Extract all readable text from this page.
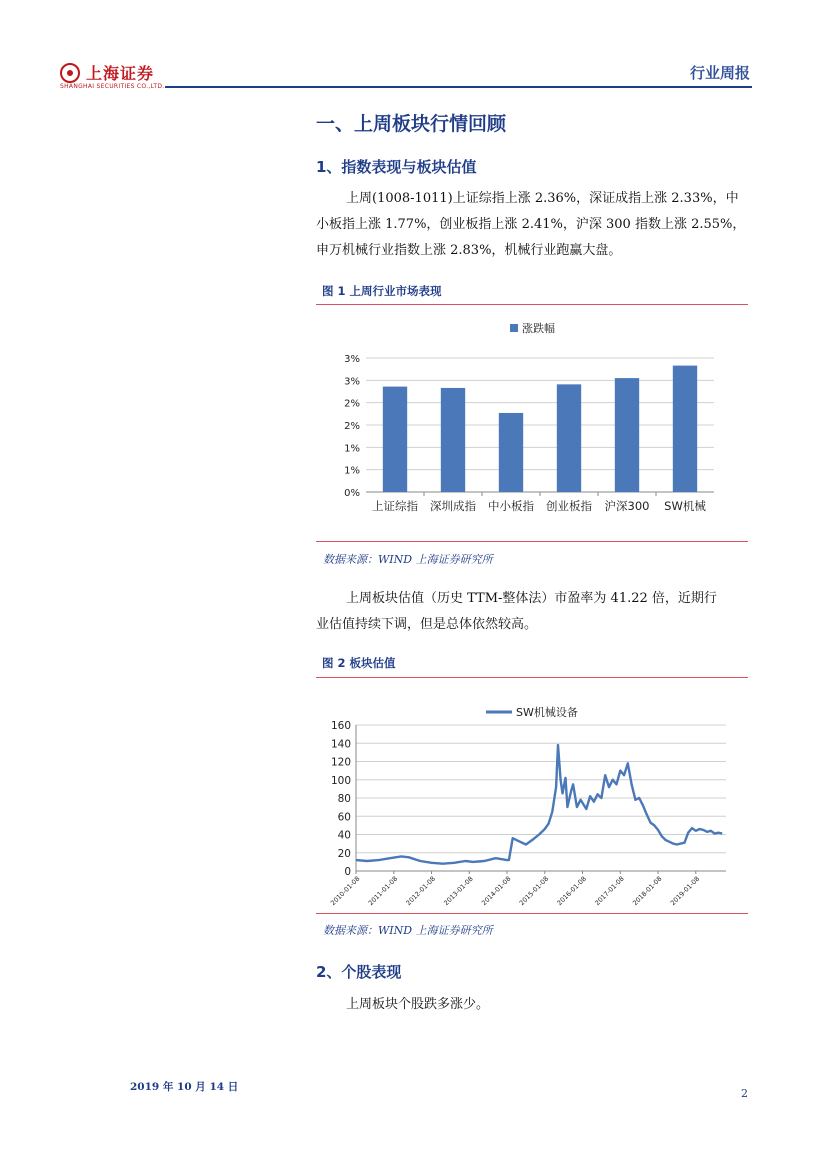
上海证券
SHANGHAI SECURITIES CO.,LTD.
行业周报
一、上周板块行情回顾
1、指数表现与板块估值
上周(1008-1011)上证综指上涨 2.36%，深证成指上涨 2.33%，中
小板指上涨 1.77%，创业板指上涨 2.41%，沪深 300 指数上涨 2.55%，
申万机械行业指数上涨 2.83%，机械行业跑赢大盘。
图 1 上周行业市场表现
涨跌幅
0%
1%
1%
2%
2%
3%
3%
上证综指 深圳成指 中小板指 创业板指 沪深300 SW机械
数据来源：WIND 上海证券研究所
上周板块估值（历史 TTM-整体法）市盈率为 41.22 倍，近期行
业估值持续下调，但是总体依然较高。
图 2 板块估值
SW机械设备
0
20
40
60
80
100
120
140
160
2010-01-08 2011-01-08 2012-01-08 2013-01-08 2014-01-08 2015-01-08 2016-01-08 2017-01-08 2018-01-08 2019-01-08
数据来源：WIND 上海证券研究所
2、个股表现
上周板块个股跌多涨少。
2019 年 10 月 14 日	2
